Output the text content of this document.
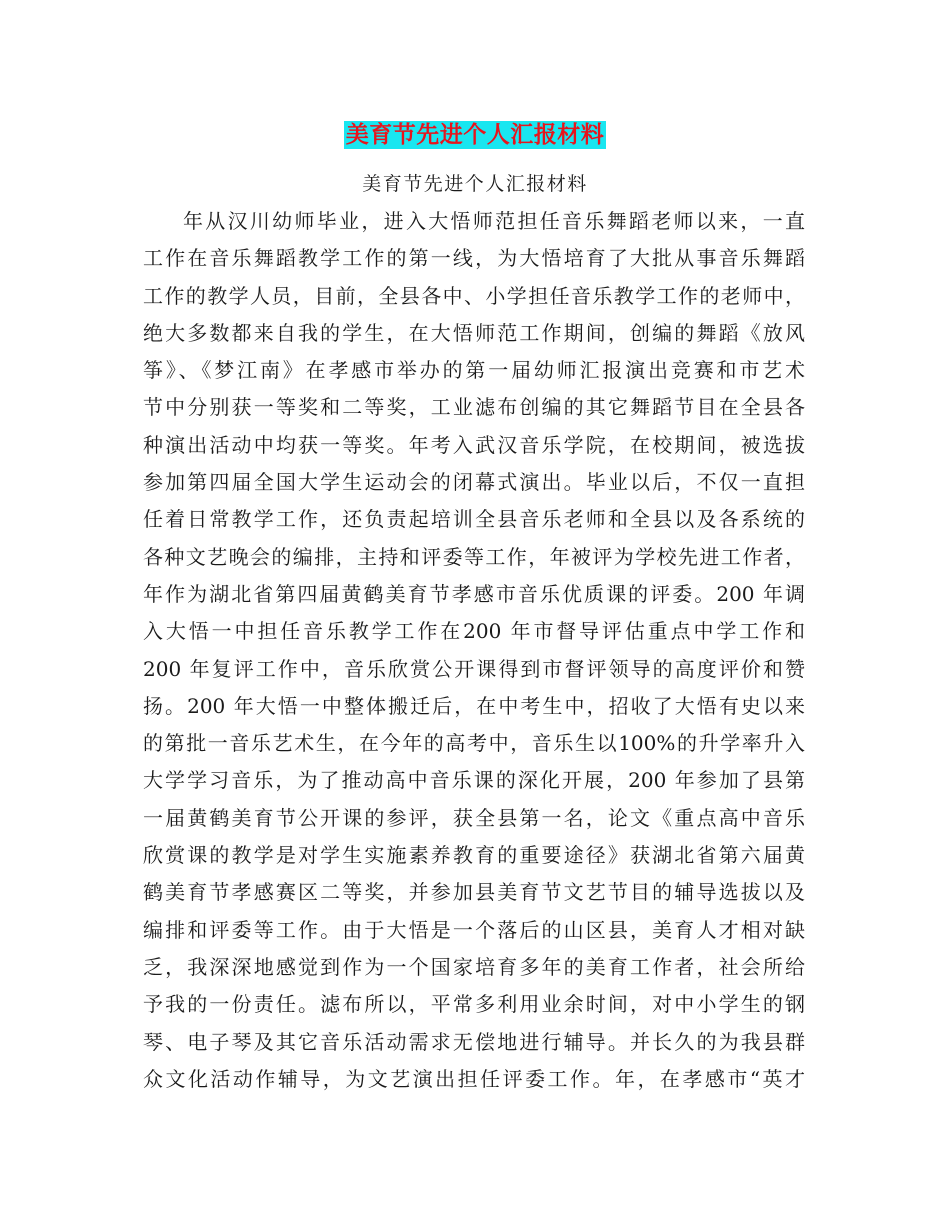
美育节先进个人汇报材料

美育节先进个人汇报材料

年从汉川幼师毕业，进入大悟师范担任音乐舞蹈老师以来，一直
工作在音乐舞蹈教学工作的第一线，为大悟培育了大批从事音乐舞蹈
工作的教学人员，目前，全县各中、小学担任音乐教学工作的老师中，
绝大多数都来自我的学生，在大悟师范工作期间，创编的舞蹈《放风
筝》、《梦江南》在孝感市举办的第一届幼师汇报演出竞赛和市艺术
节中分别获一等奖和二等奖，工业滤布创编的其它舞蹈节目在全县各
种演出活动中均获一等奖。年考入武汉音乐学院，在校期间，被选拔
参加第四届全国大学生运动会的闭幕式演出。毕业以后，不仅一直担
任着日常教学工作，还负责起培训全县音乐老师和全县以及各系统的
各种文艺晚会的编排，主持和评委等工作，年被评为学校先进工作者，
年作为湖北省第四届黄鹤美育节孝感市音乐优质课的评委。200 年调
入大悟一中担任音乐教学工作在200 年市督导评估重点中学工作和
200 年复评工作中，音乐欣赏公开课得到市督评领导的高度评价和赞
扬。200 年大悟一中整体搬迁后，在中考生中，招收了大悟有史以来
的第批一音乐艺术生，在今年的高考中，音乐生以100%的升学率升入
大学学习音乐，为了推动高中音乐课的深化开展，200 年参加了县第
一届黄鹤美育节公开课的参评，获全县第一名，论文《重点高中音乐
欣赏课的教学是对学生实施素养教育的重要途径》获湖北省第六届黄
鹤美育节孝感赛区二等奖，并参加县美育节文艺节目的辅导选拔以及
编排和评委等工作。由于大悟是一个落后的山区县，美育人才相对缺
乏，我深深地感觉到作为一个国家培育多年的美育工作者，社会所给
予我的一份责任。滤布所以，平常多利用业余时间，对中小学生的钢
琴、电子琴及其它音乐活动需求无偿地进行辅导。并长久的为我县群
众文化活动作辅导，为文艺演出担任评委工作。年，在孝感市“英才
